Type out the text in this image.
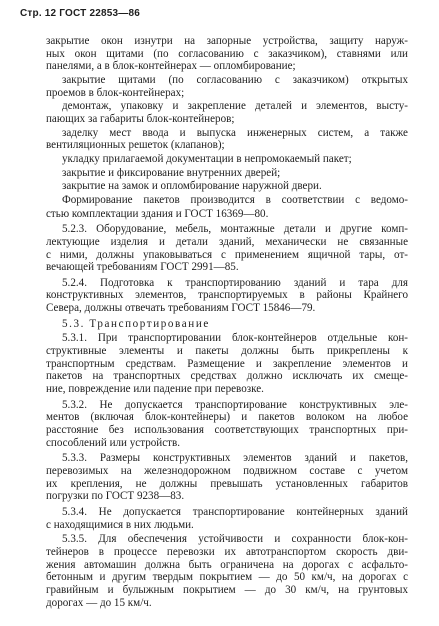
Стр. 12 ГОСТ 22853—86
закрытие окон изнутри на запорные устройства, защиту наруж-
ных окон щитами (по согласованию с заказчиком), ставнями или
панелями, а в блок-контейнерах — опломбирование;
закрытие щитами (по согласованию с заказчиком) открытых
проемов в блок-контейнерах;
демонтаж, упаковку и закрепление деталей и элементов, высту-
пающих за габариты блок-контейнеров;
заделку мест ввода и выпуска инженерных систем, а также
вентиляционных решеток (клапанов);
укладку прилагаемой документации в непромокаемый пакет;
закрытие и фиксирование внутренних дверей;
закрытие на замок и опломбирование наружной двери.
Формирование пакетов производится в соответствии с ведомо-
стью комплектации здания и ГОСТ 16369—80.
5.2.3. Оборудование, мебель, монтажные детали и другие комп-
лектующие изделия и детали зданий, механически не связанные
с ними, должны упаковываться с применением ящичной тары, от-
вечающей требованиям ГОСТ 2991—85.
5.2.4. Подготовка к транспортированию зданий и тара для
конструктивных элементов, транспортируемых в районы Крайнего
Севера, должны отвечать требованиям ГОСТ 15846—79.
5.3. Транспортирование
5.3.1. При транспортировании блок-контейнеров отдельные кон-
структивные элементы и пакеты должны быть прикреплены к
транспортным средствам. Размещение и закрепление элементов и
пакетов на транспортных средствах должно исключать их смеще-
ние, повреждение или падение при перевозке.
5.3.2. Не допускается транспортирование конструктивных эле-
ментов (включая блок-контейнеры) и пакетов волоком на любое
расстояние без использования соответствующих транспортных при-
способлений или устройств.
5.3.3. Размеры конструктивных элементов зданий и пакетов,
перевозимых на железнодорожном подвижном составе с учетом
их крепления, не должны превышать установленных габаритов
погрузки по ГОСТ 9238—83.
5.3.4. Не допускается транспортирование контейнерных зданий
с находящимися в них людьми.
5.3.5. Для обеспечения устойчивости и сохранности блок-кон-
тейнеров в процессе перевозки их автотранспортом скорость дви-
жения автомашин должна быть ограничена на дорогах с асфальто-
бетонным и другим твердым покрытием — до 50 км/ч, на дорогах с
гравийным и булыжным покрытием — до 30 км/ч, на грунтовых
дорогах — до 15 км/ч.
